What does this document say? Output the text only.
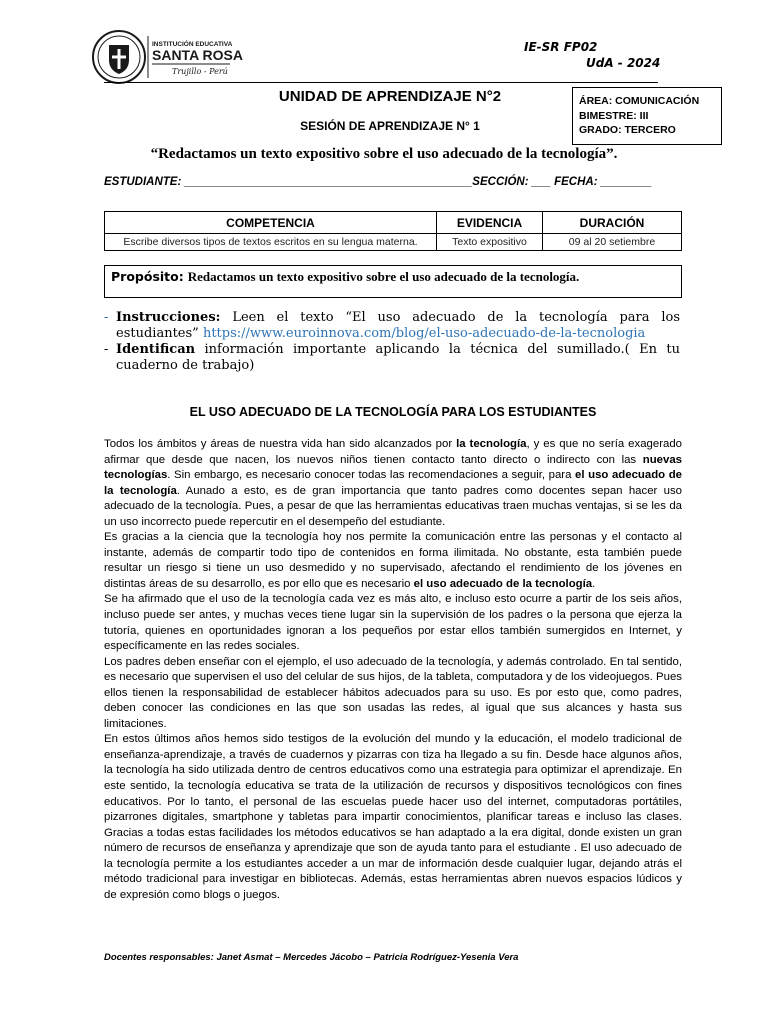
INSTITUCIÓN EDUCATIVA
SANTA ROSA
Trujillo - Perú
IE-SR FP02
UdA - 2024
UNIDAD DE APRENDIZAJE N°2
SESIÓN DE APRENDIZAJE N° 1
ÁREA: COMUNICACIÓN
BIMESTRE: III
GRADO: TERCERO
“Redactamos un texto expositivo sobre el uso adecuado de la tecnología”.
ESTUDIANTE: _____________________________________________SECCIÓN: ___ FECHA: ________
COMPETENCIA	EVIDENCIA	DURACIÓN
Escribe diversos tipos de textos escritos en su lengua materna.	Texto expositivo	09 al 20 setiembre
Propósito: Redactamos un texto expositivo sobre el uso adecuado de la tecnología.
- Instrucciones: Leen el texto “El uso adecuado de la tecnología para los estudiantes” https://www.euroinnova.com/blog/el-uso-adecuado-de-la-tecnologia
- Identifican información importante aplicando la técnica del sumillado.( En tu cuaderno de trabajo)
EL USO ADECUADO DE LA TECNOLOGÍA PARA LOS ESTUDIANTES

Todos los ámbitos y áreas de nuestra vida han sido alcanzados por la tecnología, y es que no sería exagerado afirmar que desde que nacen, los nuevos niños tienen contacto tanto directo o indirecto con las nuevas tecnologías. Sin embargo, es necesario conocer todas las recomendaciones a seguir, para el uso adecuado de la tecnología. Aunado a esto, es de gran importancia que tanto padres como docentes sepan hacer uso adecuado de la tecnología. Pues, a pesar de que las herramientas educativas traen muchas ventajas, si se les da un uso incorrecto puede repercutir en el desempeño del estudiante.

Es gracias a la ciencia que la tecnología hoy nos permite la comunicación entre las personas y el contacto al instante, además de compartir todo tipo de contenidos en forma ilimitada. No obstante, esta también puede resultar un riesgo si tiene un uso desmedido y no supervisado, afectando el rendimiento de los jóvenes en distintas áreas de su desarrollo, es por ello que es necesario el uso adecuado de la tecnología.

Se ha afirmado que el uso de la tecnología cada vez es más alto, e incluso esto ocurre a partir de los seis años, incluso puede ser antes, y muchas veces tiene lugar sin la supervisión de los padres o la persona que ejerza la tutoría, quienes en oportunidades ignoran a los pequeños por estar ellos también sumergidos en Internet, y específicamente en las redes sociales.

Los padres deben enseñar con el ejemplo, el uso adecuado de la tecnología, y además controlado. En tal sentido, es necesario que supervisen el uso del celular de sus hijos, de la tableta, computadora y de los videojuegos. Pues ellos tienen la responsabilidad de establecer hábitos adecuados para su uso. Es por esto que, como padres, deben conocer las condiciones en las que son usadas las redes, al igual que sus alcances y hasta sus limitaciones.

En estos últimos años hemos sido testigos de la evolución del mundo y la educación, el modelo tradicional de enseñanza-aprendizaje, a través de cuadernos y pizarras con tiza ha llegado a su fin. Desde hace algunos años, la tecnología ha sido utilizada dentro de centros educativos como una estrategia para optimizar el aprendizaje. En este sentido, la tecnología educativa se trata de la utilización de recursos y dispositivos tecnológicos con fines educativos. Por lo tanto, el personal de las escuelas puede hacer uso del internet, computadoras portátiles, pizarrones digitales, smartphone y tabletas para impartir conocimientos, planificar tareas e incluso las clases. Gracias a todas estas facilidades los métodos educativos se han adaptado a la era digital, donde existen un gran número de recursos de enseñanza y aprendizaje que son de ayuda tanto para el estudiante . El uso adecuado de la tecnología permite a los estudiantes acceder a un mar de información desde cualquier lugar, dejando atrás el método tradicional para investigar en bibliotecas. Además, estas herramientas abren nuevos espacios lúdicos y de expresión como blogs o juegos.

Docentes responsables: Janet Asmat – Mercedes Jácobo – Patricia Rodríguez-Yesenia Vera
